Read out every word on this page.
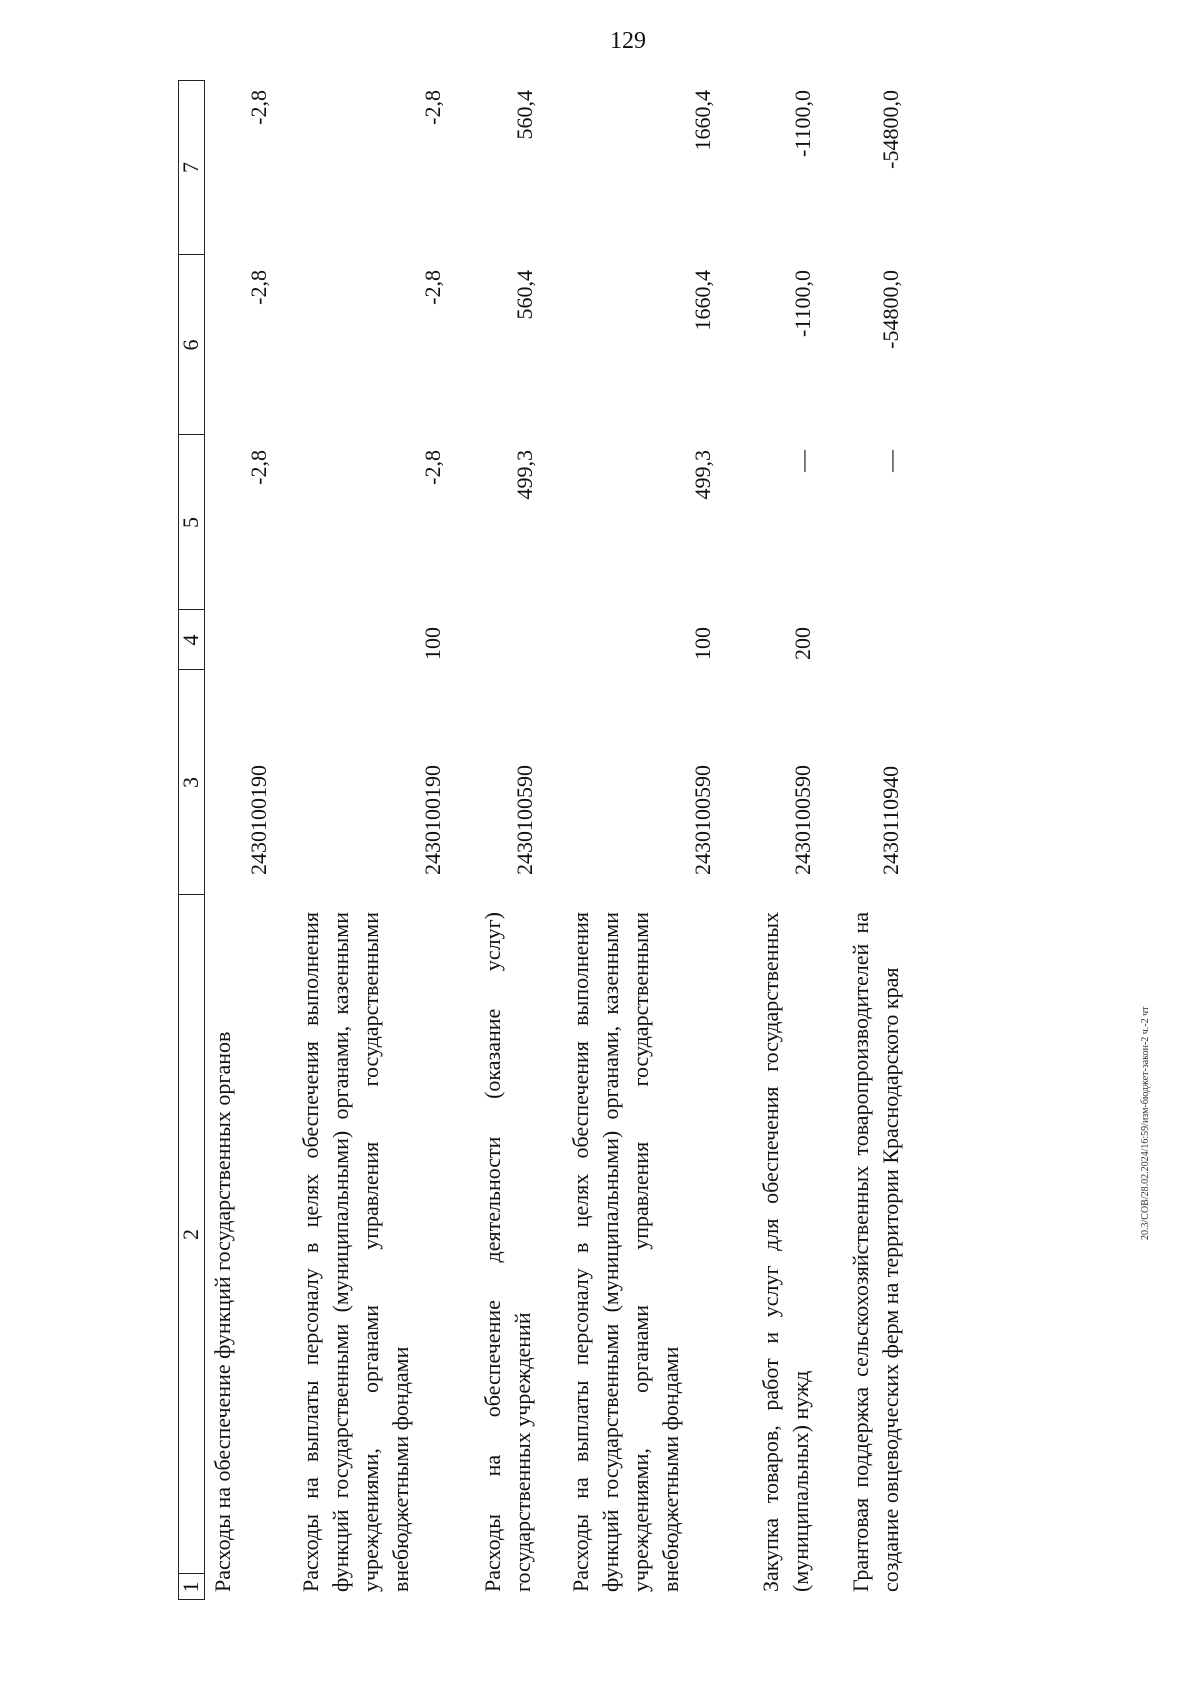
129
20.3/СОВ/28.02.2024/16:59/изм-бюджет-закон-2 ч.-2 чт
1
2
3
4
5
6
7
Расходы на обеспечение функций государственных органов
2430100190
-2,8
-2,8
-2,8
Расходы на выплаты персоналу в целях обеспечения выполнения функций государственными (муниципальными) органами, казенными учреждениями, органами управления государственными внебюджетными фондами
2430100190
100
-2,8
-2,8
-2,8
Расходы на обеспечение деятельности (оказание услуг) государственных учреждений
2430100590
499,3
560,4
560,4
Расходы на выплаты персоналу в целях обеспечения выполнения функций государственными (муниципальными) органами, казенными учреждениями, органами управления государственными внебюджетными фондами
2430100590
100
499,3
1660,4
1660,4
Закупка товаров, работ и услуг для обеспечения государственных (муниципальных) нужд
2430100590
200
—
-1100,0
-1100,0
Грантовая поддержка сельскохозяйственных товаропроизводителей на создание овцеводческих ферм на территории Краснодарского края
2430110940
—
-54800,0
-54800,0
